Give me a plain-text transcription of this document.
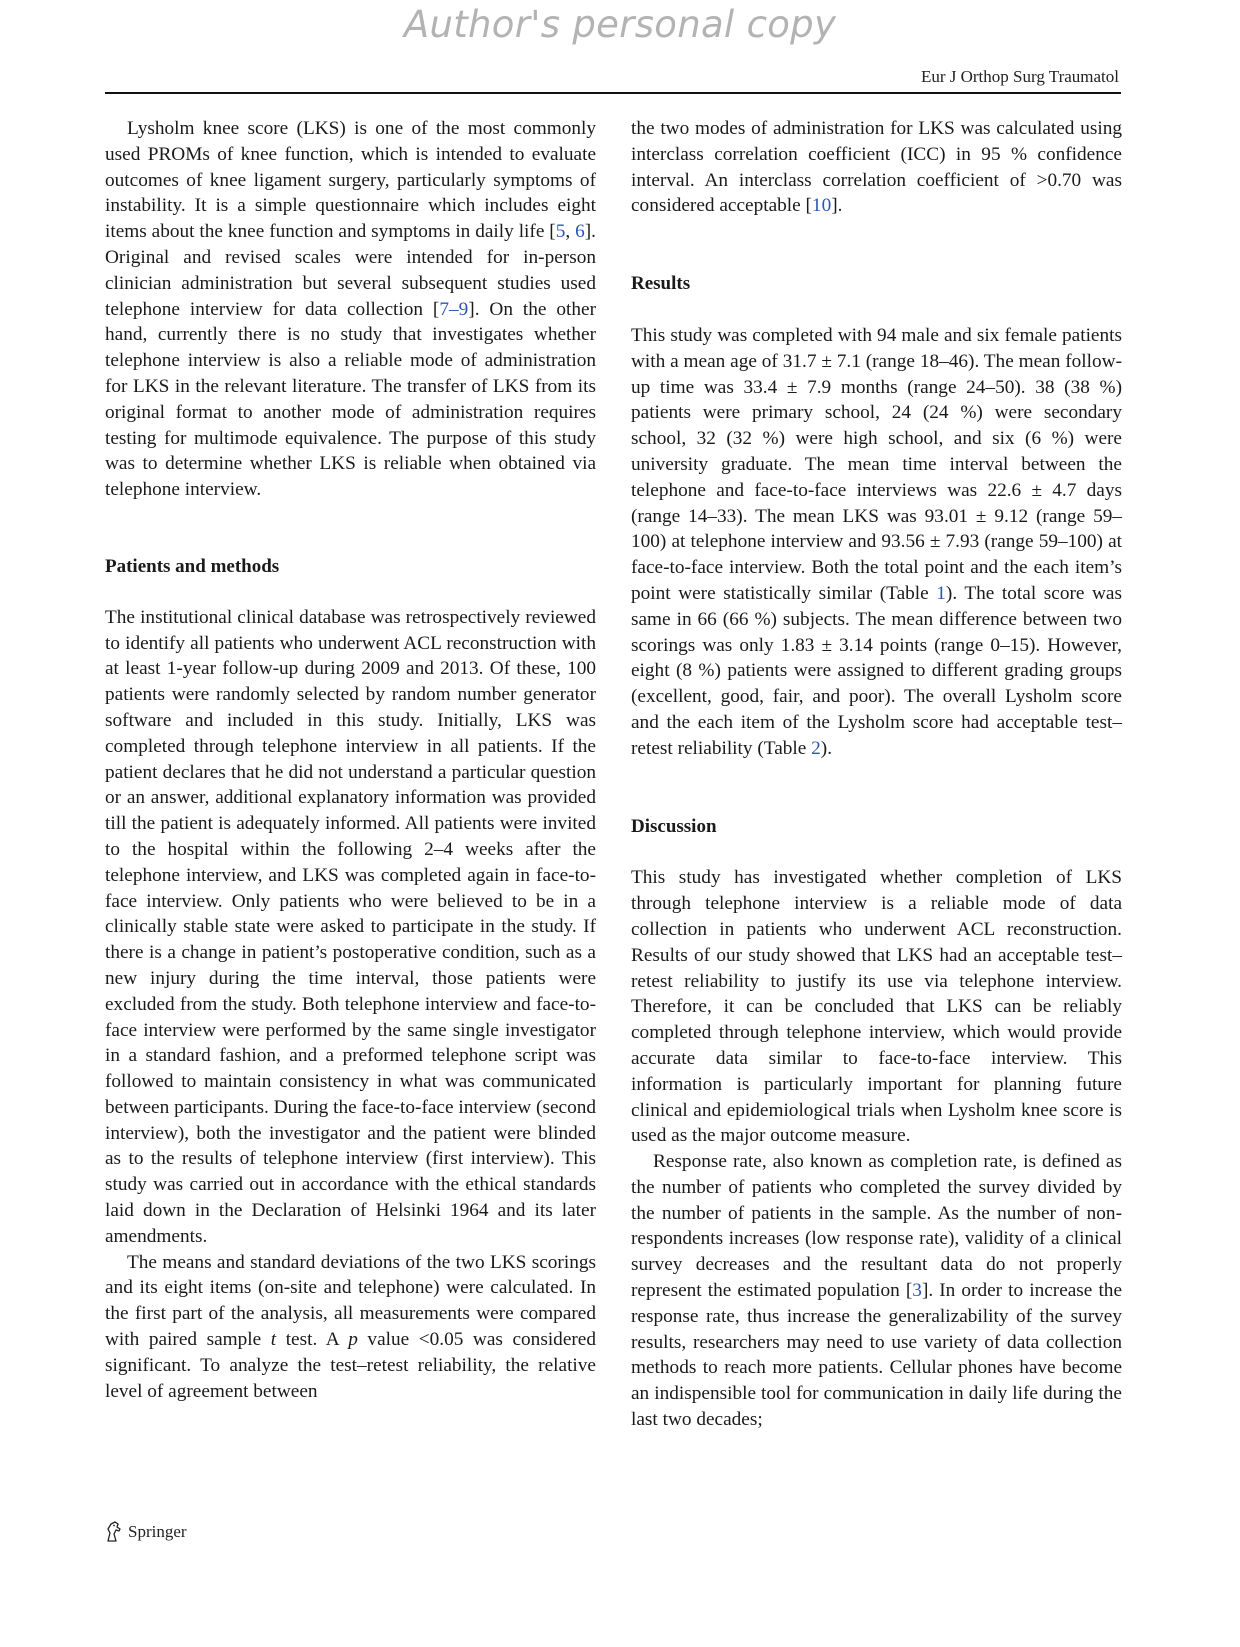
Author's personal copy
Eur J Orthop Surg Traumatol

Lysholm knee score (LKS) is one of the most commonly used PROMs of knee function, which is intended to evaluate outcomes of knee ligament surgery, particularly symptoms of instability. It is a simple questionnaire which includes eight items about the knee function and symptoms in daily life [5, 6]. Original and revised scales were intended for in-person clinician administration but several subsequent studies used telephone interview for data collection [7–9]. On the other hand, currently there is no study that investigates whether telephone interview is also a reliable mode of administration for LKS in the relevant literature. The transfer of LKS from its original format to another mode of administration requires testing for multimode equivalence. The purpose of this study was to determine whether LKS is reliable when obtained via telephone interview.

Patients and methods

The institutional clinical database was retrospectively reviewed to identify all patients who underwent ACL reconstruction with at least 1-year follow-up during 2009 and 2013. Of these, 100 patients were randomly selected by random number generator software and included in this study. Initially, LKS was completed through telephone interview in all patients. If the patient declares that he did not understand a particular question or an answer, additional explanatory information was provided till the patient is adequately informed. All patients were invited to the hospital within the following 2–4 weeks after the telephone interview, and LKS was completed again in face-to-face interview. Only patients who were believed to be in a clinically stable state were asked to participate in the study. If there is a change in patient’s postoperative condition, such as a new injury during the time interval, those patients were excluded from the study. Both telephone interview and face-to-face interview were performed by the same single investigator in a standard fashion, and a preformed telephone script was followed to maintain consistency in what was communicated between participants. During the face-to-face interview (second interview), both the investigator and the patient were blinded as to the results of telephone interview (first interview). This study was carried out in accordance with the ethical standards laid down in the Declaration of Helsinki 1964 and its later amendments.

The means and standard deviations of the two LKS scorings and its eight items (on-site and telephone) were calculated. In the first part of the analysis, all measurements were compared with paired sample t test. A p value <0.05 was considered significant. To analyze the test–retest reliability, the relative level of agreement between

the two modes of administration for LKS was calculated using interclass correlation coefficient (ICC) in 95 % confidence interval. An interclass correlation coefficient of >0.70 was considered acceptable [10].

Results

This study was completed with 94 male and six female patients with a mean age of 31.7 ± 7.1 (range 18–46). The mean follow-up time was 33.4 ± 7.9 months (range 24–50). 38 (38 %) patients were primary school, 24 (24 %) were secondary school, 32 (32 %) were high school, and six (6 %) were university graduate. The mean time interval between the telephone and face-to-face interviews was 22.6 ± 4.7 days (range 14–33). The mean LKS was 93.01 ± 9.12 (range 59–100) at telephone interview and 93.56 ± 7.93 (range 59–100) at face-to-face interview. Both the total point and the each item’s point were statistically similar (Table 1). The total score was same in 66 (66 %) subjects. The mean difference between two scorings was only 1.83 ± 3.14 points (range 0–15). However, eight (8 %) patients were assigned to different grading groups (excellent, good, fair, and poor). The overall Lysholm score and the each item of the Lysholm score had acceptable test–retest reliability (Table 2).

Discussion

This study has investigated whether completion of LKS through telephone interview is a reliable mode of data collection in patients who underwent ACL reconstruction. Results of our study showed that LKS had an acceptable test–retest reliability to justify its use via telephone interview. Therefore, it can be concluded that LKS can be reliably completed through telephone interview, which would provide accurate data similar to face-to-face interview. This information is particularly important for planning future clinical and epidemiological trials when Lysholm knee score is used as the major outcome measure.

Response rate, also known as completion rate, is defined as the number of patients who completed the survey divided by the number of patients in the sample. As the number of non-respondents increases (low response rate), validity of a clinical survey decreases and the resultant data do not properly represent the estimated population [3]. In order to increase the response rate, thus increase the generalizability of the survey results, researchers may need to use variety of data collection methods to reach more patients. Cellular phones have become an indispensible tool for communication in daily life during the last two decades;

Springer
